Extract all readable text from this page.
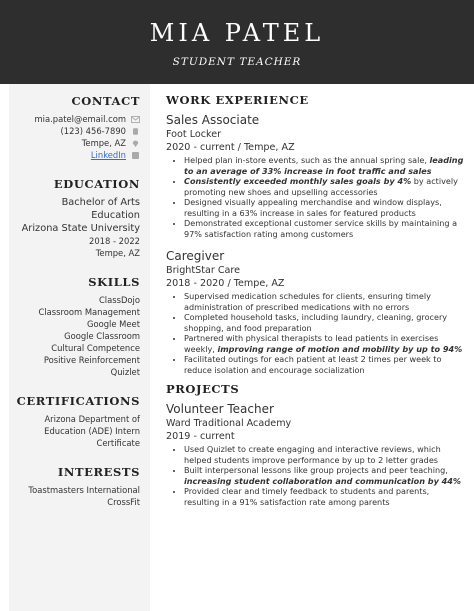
MIA PATEL
STUDENT TEACHER
CONTACT
mia.patel@email.com
(123) 456-7890
Tempe, AZ
LinkedIn
EDUCATION
Bachelor of Arts
Education
Arizona State University
2018 - 2022
Tempe, AZ
SKILLS
ClassDojo
Classroom Management
Google Meet
Google Classroom
Cultural Competence
Positive Reinforcement
Quizlet
CERTIFICATIONS
Arizona Department of
Education (ADE) Intern
Certificate
INTERESTS
Toastmasters International
CrossFit
WORK EXPERIENCE
Sales Associate
Foot Locker
2020 - current / Tempe, AZ
• Helped plan in-store events, such as the annual spring sale, leading to an average of 33% increase in foot traffic and sales
• Consistently exceeded monthly sales goals by 4% by actively promoting new shoes and upselling accessories
• Designed visually appealing merchandise and window displays, resulting in a 63% increase in sales for featured products
• Demonstrated exceptional customer service skills by maintaining a 97% satisfaction rating among customers
Caregiver
BrightStar Care
2018 - 2020 / Tempe, AZ
• Supervised medication schedules for clients, ensuring timely administration of prescribed medications with no errors
• Completed household tasks, including laundry, cleaning, grocery shopping, and food preparation
• Partnered with physical therapists to lead patients in exercises weekly, improving range of motion and mobility by up to 94%
• Facilitated outings for each patient at least 2 times per week to reduce isolation and encourage socialization
PROJECTS
Volunteer Teacher
Ward Traditional Academy
2019 - current
• Used Quizlet to create engaging and interactive reviews, which helped students improve performance by up to 2 letter grades
• Built interpersonal lessons like group projects and peer teaching, increasing student collaboration and communication by 44%
• Provided clear and timely feedback to students and parents, resulting in a 91% satisfaction rate among parents
